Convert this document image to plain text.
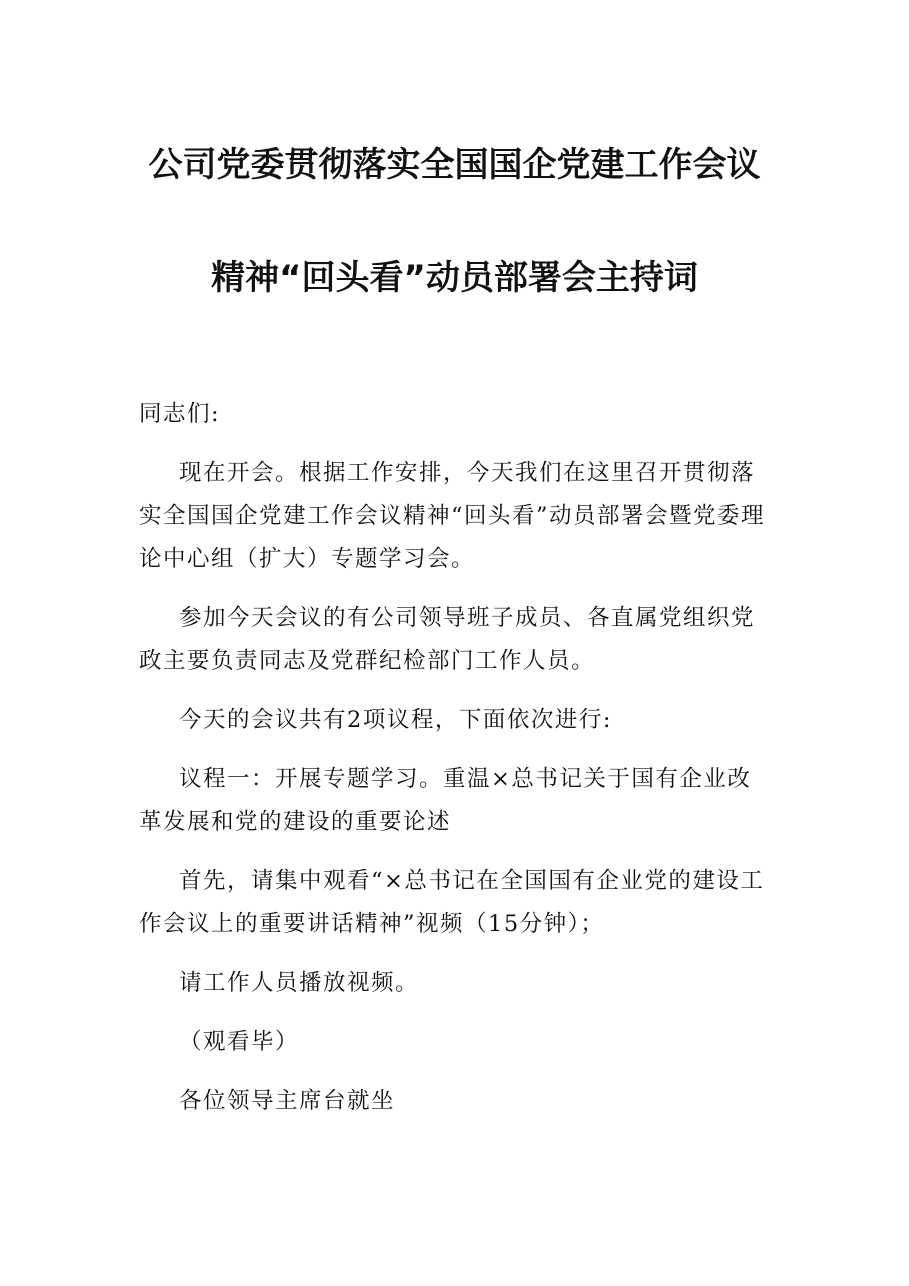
公司党委贯彻落实全国国企党建工作会议
精神“回头看”动员部署会主持词

同志们:

现在开会。根据工作安排，今天我们在这里召开贯彻落实全国国企党建工作会议精神“回头看”动员部署会暨党委理论中心组（扩大）专题学习会。

参加今天会议的有公司领导班子成员、各直属党组织党政主要负责同志及党群纪检部门工作人员。

今天的会议共有2项议程，下面依次进行:

议程一：开展专题学习。重温×总书记关于国有企业改革发展和党的建设的重要论述

首先，请集中观看“×总书记在全国国有企业党的建设工作会议上的重要讲话精神”视频（15分钟）；

请工作人员播放视频。

（观看毕）

各位领导主席台就坐
